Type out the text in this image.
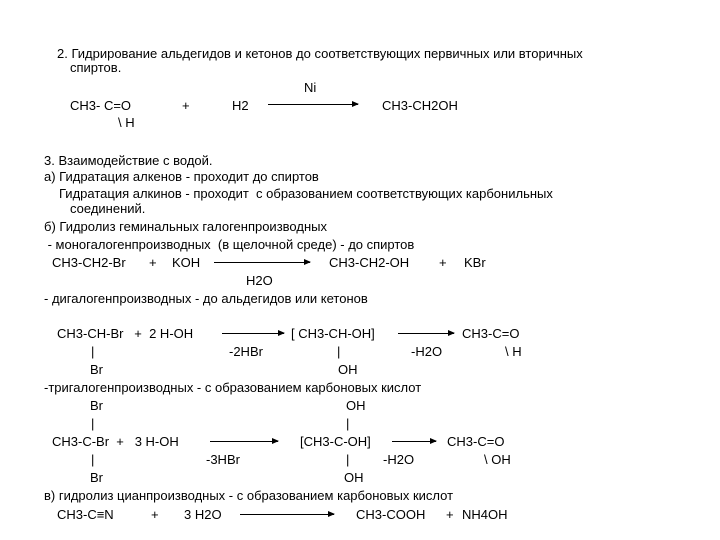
2. Гидрирование альдегидов и кетонов до соответствующих первичных или вторичных
спиртов.
Ni
CH3- C=O	+	H2	CH3-CH2OH
\ H
3. Взаимодействие с водой.
а) Гидратация алкенов - проходит до спиртов
Гидратация алкинов - проходит  с образованием соответствующих карбонильных
соединений.
б) Гидролиз геминальных галогенпроизводных
- моногалогенпроизводных  (в щелочной среде) - до спиртов
CH3-CH2-Br + KOH	CH3-CH2-OH + KBr
H2O
- дигалогенпроизводных - до альдегидов или кетонов
CH3-CH-Br   +  2 H-OH → [ CH3-CH-OH] → CH3-C=O
|	-2HBr	|	-H2O	\ H
Br	OH
-тригалогенпроизводных - с образованием карбоновых кислот
Br	OH
|	|
CH3-C-Br  +   3 H-OH	[CH3-C-OH] → CH3-C=O
|	-3HBr	|	-H2O	\ OH
Br	OH
в) гидролиз цианпроизводных - с образованием карбоновых кислот
CH3-C≡N	+ 3 H2O	CH3-COOH + NH4OH
